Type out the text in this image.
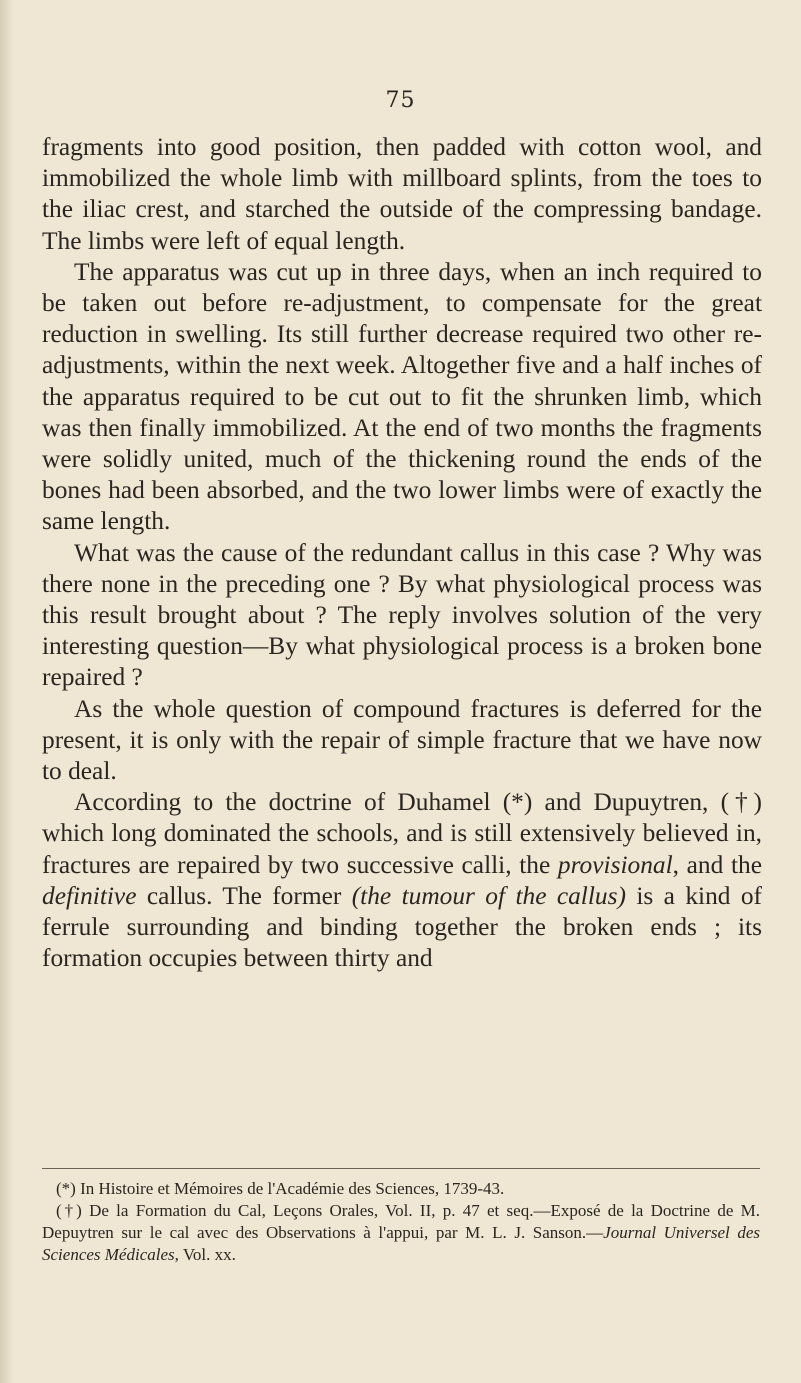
75

fragments into good position, then padded with cotton wool, and immobilized the whole limb with millboard splints, from the toes to the iliac crest, and starched the outside of the compressing bandage. The limbs were left of equal length.

The apparatus was cut up in three days, when an inch required to be taken out before re-adjustment, to compensate for the great reduction in swelling. Its still further decrease required two other re-adjustments, within the next week. Altogether five and a half inches of the apparatus required to be cut out to fit the shrunken limb, which was then finally immobilized. At the end of two months the fragments were solidly united, much of the thickening round the ends of the bones had been absorbed, and the two lower limbs were of exactly the same length.

What was the cause of the redundant callus in this case ? Why was there none in the preceding one ? By what physiological process was this result brought about ? The reply involves solution of the very interesting question—By what physiological process is a broken bone repaired ?

As the whole question of compound fractures is deferred for the present, it is only with the repair of simple fracture that we have now to deal.

According to the doctrine of Duhamel (*) and Dupuytren, (†) which long dominated the schools, and is still extensively believed in, fractures are repaired by two successive calli, the provisional, and the definitive callus. The former (the tumour of the callus) is a kind of ferrule surrounding and binding together the broken ends ; its formation occupies between thirty and

(*) In Histoire et Mémoires de l'Académie des Sciences, 1739-43.

(†) De la Formation du Cal, Leçons Orales, Vol. II, p. 47 et seq.—Exposé de la Doctrine de M. Depuytren sur le cal avec des Observations à l'appui, par M. L. J. Sanson.—Journal Universel des Sciences Médicales, Vol. xx.
